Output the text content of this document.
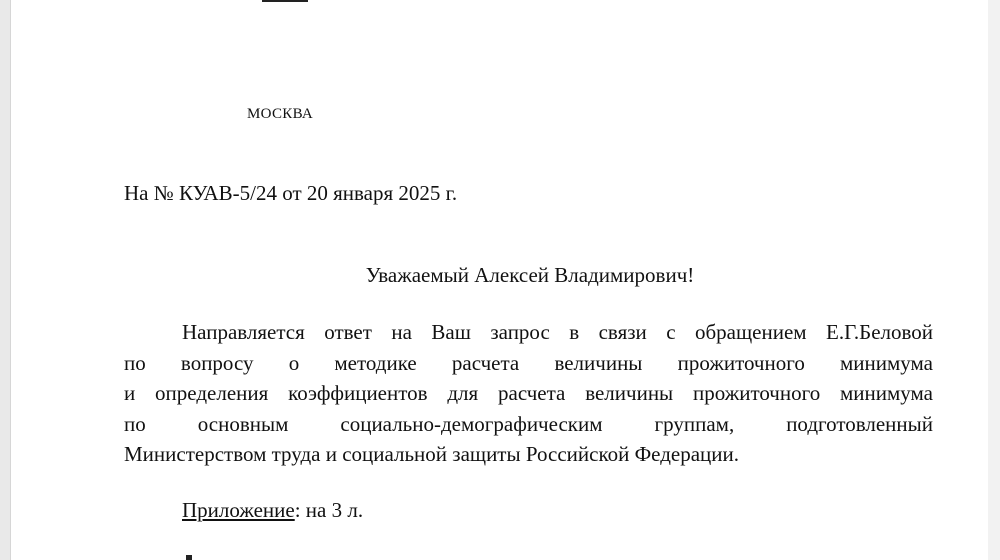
МОСКВА
На № КУАВ-5/24 от 20 января 2025 г.
Уважаемый Алексей Владимирович!
Направляется ответ на Ваш запрос в связи с обращением Е.Г.Беловой
по вопросу о методике расчета величины прожиточного минимума
и определения коэффициентов для расчета величины прожиточного минимума
по основным социально-демографическим группам, подготовленный
Министерством труда и социальной защиты Российской Федерации.
Приложение: на 3 л.
